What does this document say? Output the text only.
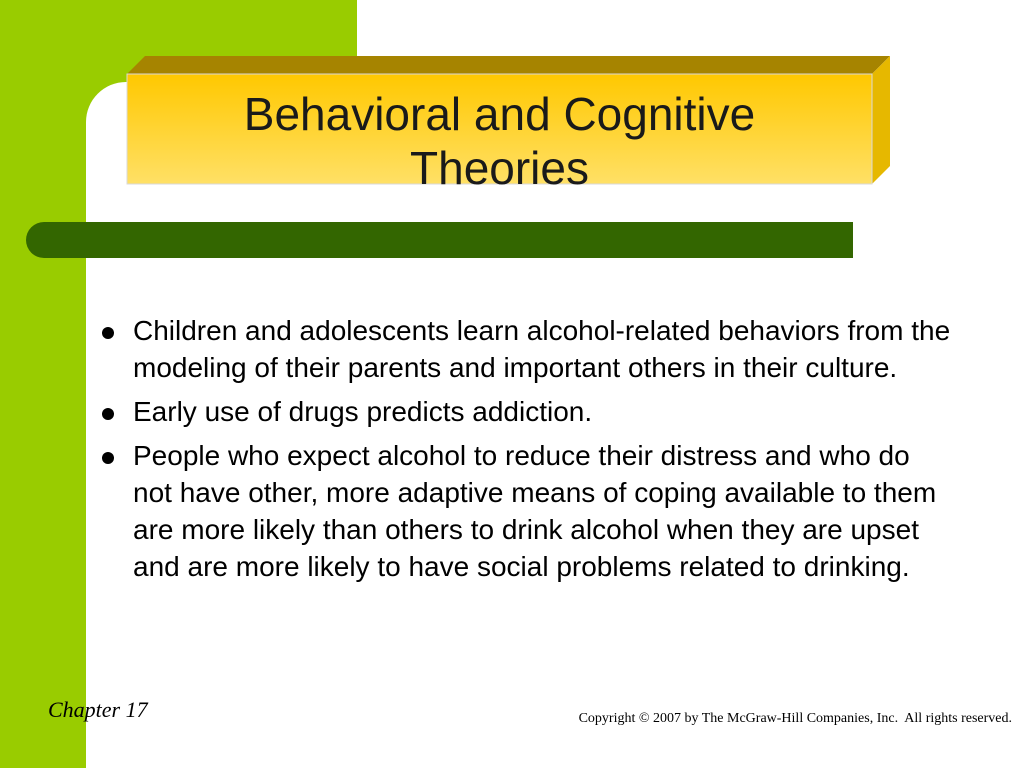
Behavioral and Cognitive
Theories
Children and adolescents learn alcohol-related behaviors from the modeling of their parents and important others in their culture.
Early use of drugs predicts addiction.
People who expect alcohol to reduce their distress and who do not have other, more adaptive means of coping available to them are more likely than others to drink alcohol when they are upset and are more likely to have social problems related to drinking.
Chapter 17	Copyright © 2007 by The McGraw-Hill Companies, Inc.  All rights reserved.
